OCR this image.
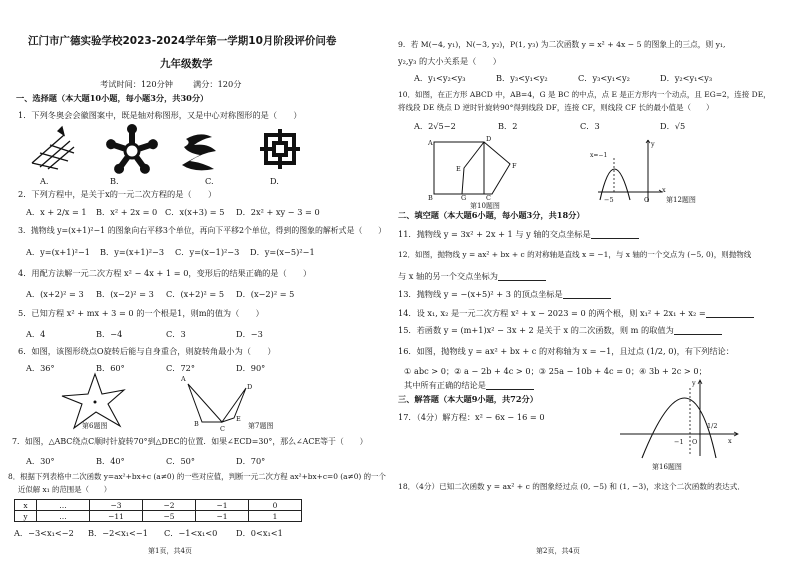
江门市广德实验学校2023-2024学年第一学期10月阶段评价问卷
九年级数学
考试时间：120分钟 满分：120分
一、选择题（本大题10小题，每小题3分，共30分）
1．下列冬奥会会徽图案中，既是轴对称图形，又是中心对称图形的是（　　）
A.	B.	C.	D.
2．下列方程中，是关于x的一元二次方程的是（　　）
A．x + 2/x = 1 B．x² + 2x = 0 C．x(x+3) = 5 D．2x² + xy − 3 = 0
3．抛物线 y=(x+1)²−1 的图象向右平移3个单位，再向下平移2个单位，得到的图象的解析式是（　　）
A．y=(x+1)²−1 B．y=(x+1)²−3 C．y=(x−1)²−3 D．y=(x−5)²−1
4．用配方法解一元二次方程 x² − 4x + 1 = 0，变形后的结果正确的是（　　）
A．(x+2)² = 3 B．(x−2)² = 3 C．(x+2)² = 5 D．(x−2)² = 5
5．已知方程 x² + mx + 3 = 0 的一个根是1，则m的值为（　　）
A．4	B．−4	C．3	D．−3
6．如图，该图形绕点O旋转后能与自身重合，则旋转角最小为（　　）
A．36°	B．60°	C．72°	D．90°
第6题图
A
B
C
D
E
第7题图
7．如图，△ABC绕点C顺时针旋转70°到△DEC的位置．如果∠ECD=30°，那么∠ACE等于（　　）
A．30°	B．40°	C．50°	D．70°
8．根据下列表格中二次函数 y=ax²+bx+c (a≠0) 的一些对应值，判断一元二次方程 ax²+bx+c=0 (a≠0) 的一个
近似解 x₁ 的范围是（　　）
x	…	−3	−2	−1	0
y	…	−11	−5	−1	1
A．−3<x₁<−2 B．−2<x₁<−1 C．−1<x₁<0 D．0<x₁<1
第1页，共4页
9．若 M(−4, y₁)，N(−3, y₂)，P(1, y₃) 为二次函数 y = x² + 4x − 5 的图象上的三点，则 y₁,
y₂,y₃ 的大小关系是（　　）
A．y₁<y₂<y₃	B．y₃<y₁<y₂	C．y₃<y₁<y₂	D．y₂<y₁<y₃
10．如图，在正方形 ABCD 中，AB=4，G 是 BC 的中点，点 E 是正方形内一个动点，且 EG=2，连接 DE，
将线段 DE 绕点 D 逆时针旋转90°得到线段 DF，连接 CF，则线段 CF 长的最小值是（　　）
A．2√5−2	B．2	C．3	D．√5
A	D
E	F
B	G	C
第10题图
x=−1
y
−5	O
x
第12题图
二、填空题（本大题6小题，每小题3分，共18分）
11．抛物线 y = 3x² + 2x + 1 与 y 轴的交点坐标是
12．如图，抛物线 y = ax² + bx + c 的对称轴是直线 x = −1，与 x 轴的一个交点为 (−5, 0)，则抛物线
与 x 轴的另一个交点坐标为
13．抛物线 y = −(x+5)² + 3 的顶点坐标是
14．设 x₁, x₂ 是一元二次方程 x² + x − 2023 = 0 的两个根，则 x₁² + 2x₁ + x₂ =
15．若函数 y = (m+1)x² − 3x + 2 是关于 x 的二次函数，则 m 的取值为
16．如图，抛物线 y = ax² + bx + c 的对称轴为 x = −1，且过点 (1/2, 0)，有下列结论：
① abc > 0；② a − 2b + 4c > 0；③ 25a − 10b + 4c = 0；④ 3b + 2c > 0；
其中所有正确的结论是
三、解答题（本大题9小题，共72分）
17．（4分）解方程：x² − 6x − 16 = 0
y
O
1/2
x
−1
第16题图
18．（4分）已知二次函数 y = ax² + c 的图象经过点 (0, −5) 和 (1, −3)，求这个二次函数的表达式．
第2页，共4页
